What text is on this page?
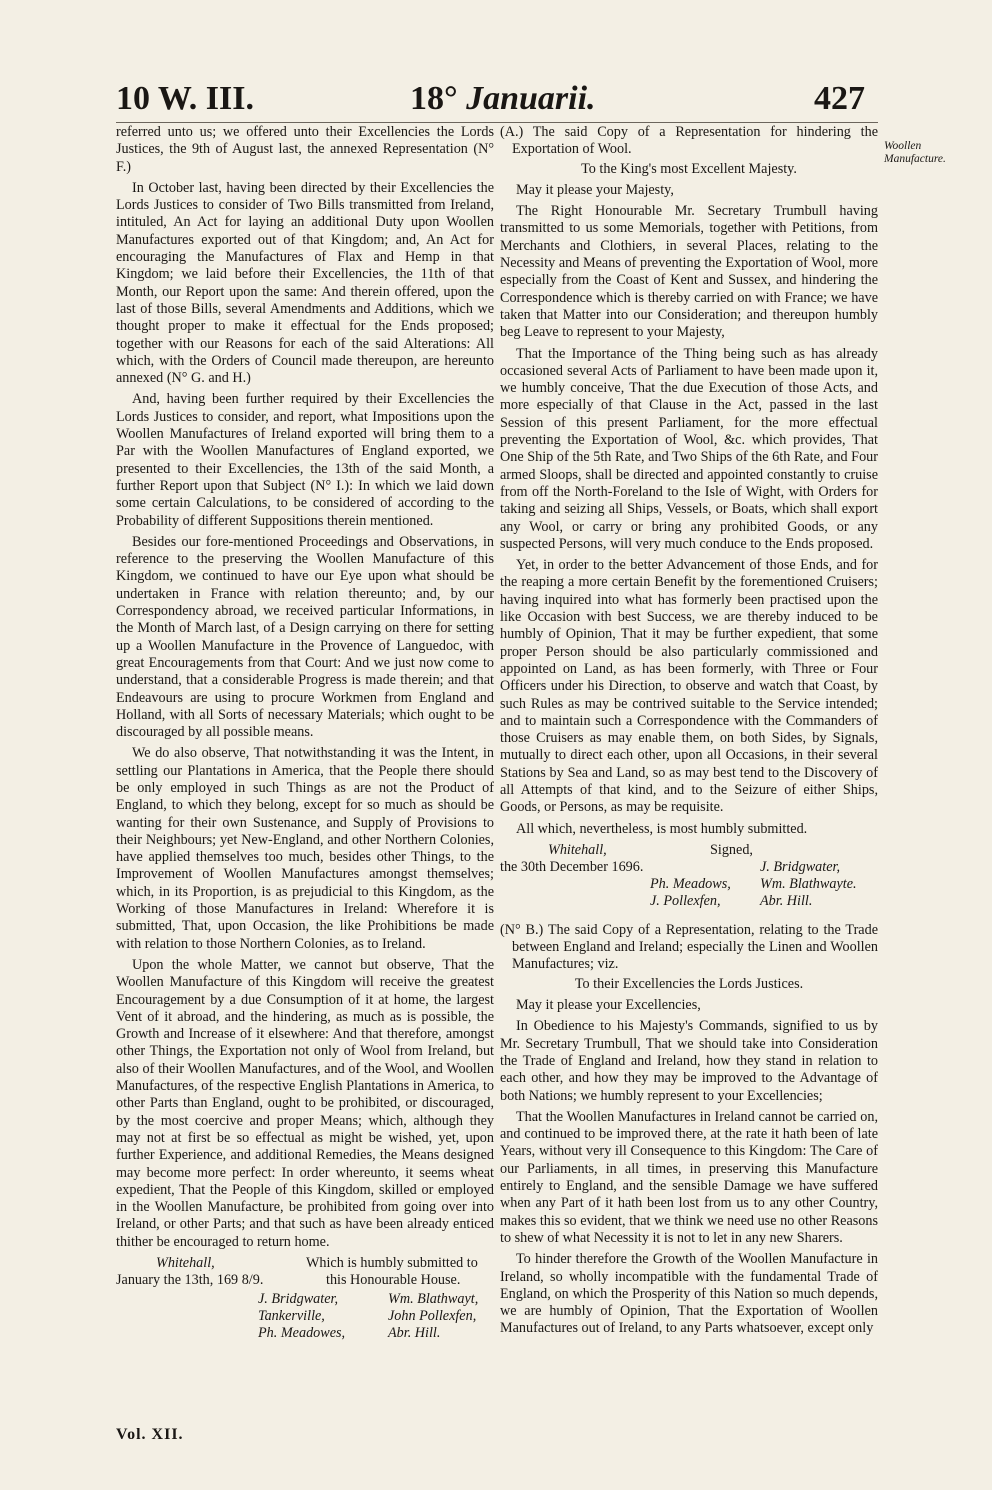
10 W. III.	18° Januarii.	427
Woollen Manufacture.

referred unto us; we offered unto their Excellencies the Lords Justices, the 9th of August last, the annexed Representation (N° F.)

In October last, having been directed by their Excellencies the Lords Justices to consider of Two Bills transmitted from Ireland, intituled, An Act for laying an additional Duty upon Woollen Manufactures exported out of that Kingdom; and, An Act for encouraging the Manufactures of Flax and Hemp in that Kingdom; we laid before their Excellencies, the 11th of that Month, our Report upon the same: And therein offered, upon the last of those Bills, several Amendments and Additions, which we thought proper to make it effectual for the Ends proposed; together with our Reasons for each of the said Alterations: All which, with the Orders of Council made thereupon, are hereunto annexed (N° G. and H.)

And, having been further required by their Excellencies the Lords Justices to consider, and report, what Impositions upon the Woollen Manufactures of Ireland exported will bring them to a Par with the Woollen Manufactures of England exported, we presented to their Excellencies, the 13th of the said Month, a further Report upon that Subject (N° I.): In which we laid down some certain Calculations, to be considered of according to the Probability of different Suppositions therein mentioned.

Besides our fore-mentioned Proceedings and Observations, in reference to the preserving the Woollen Manufacture of this Kingdom, we continued to have our Eye upon what should be undertaken in France with relation thereunto; and, by our Correspondency abroad, we received particular Informations, in the Month of March last, of a Design carrying on there for setting up a Woollen Manufacture in the Provence of Languedoc, with great Encouragements from that Court: And we just now come to understand, that a considerable Progress is made therein; and that Endeavours are using to procure Workmen from England and Holland, with all Sorts of necessary Materials; which ought to be discouraged by all possible means.

We do also observe, That notwithstanding it was the Intent, in settling our Plantations in America, that the People there should be only employed in such Things as are not the Product of England, to which they belong, except for so much as should be wanting for their own Sustenance, and Supply of Provisions to their Neighbours; yet New-England, and other Northern Colonies, have applied themselves too much, besides other Things, to the Improvement of Woollen Manufactures amongst themselves; which, in its Proportion, is as prejudicial to this Kingdom, as the Working of those Manufactures in Ireland: Wherefore it is submitted, That, upon Occasion, the like Prohibitions be made with relation to those Northern Colonies, as to Ireland.

Upon the whole Matter, we cannot but observe, That the Woollen Manufacture of this Kingdom will receive the greatest Encouragement by a due Consumption of it at home, the largest Vent of it abroad, and the hindering, as much as is possible, the Growth and Increase of it elsewhere: And that therefore, amongst other Things, the Exportation not only of Wool from Ireland, but also of their Woollen Manufactures, and of the Wool, and Woollen Manufactures, of the respective English Plantations in America, to other Parts than England, ought to be prohibited, or discouraged, by the most coercive and proper Means; which, although they may not at first be so effectual as might be wished, yet, upon further Experience, and additional Remedies, the Means designed may become more perfect: In order whereunto, it seems wheat expedient, That the People of this Kingdom, skilled or employed in the Woollen Manufacture, be prohibited from going over into Ireland, or other Parts; and that such as have been already enticed thither be encouraged to return home.

Whitehall,
January the 13th, 169 8/9.
Which is humbly submitted to
this Honourable House.
J. Bridgwater,	Wm. Blathwayt,
Tankerville,	John Pollexfen,
Ph. Meadowes,	Abr. Hill.

(A.) The said Copy of a Representation for hindering the Exportation of Wool.

To the King's most Excellent Majesty.

May it please your Majesty,

The Right Honourable Mr. Secretary Trumbull having transmitted to us some Memorials, together with Petitions, from Merchants and Clothiers, in several Places, relating to the Necessity and Means of preventing the Exportation of Wool, more especially from the Coast of Kent and Sussex, and hindering the Correspondence which is thereby carried on with France; we have taken that Matter into our Consideration; and thereupon humbly beg Leave to represent to your Majesty,

That the Importance of the Thing being such as has already occasioned several Acts of Parliament to have been made upon it, we humbly conceive, That the due Execution of those Acts, and more especially of that Clause in the Act, passed in the last Session of this present Parliament, for the more effectual preventing the Exportation of Wool, &c. which provides, That One Ship of the 5th Rate, and Two Ships of the 6th Rate, and Four armed Sloops, shall be directed and appointed constantly to cruise from off the North-Foreland to the Isle of Wight, with Orders for taking and seizing all Ships, Vessels, or Boats, which shall export any Wool, or carry or bring any prohibited Goods, or any suspected Persons, will very much conduce to the Ends proposed.

Yet, in order to the better Advancement of those Ends, and for the reaping a more certain Benefit by the forementioned Cruisers; having inquired into what has formerly been practised upon the like Occasion with best Success, we are thereby induced to be humbly of Opinion, That it may be further expedient, that some proper Person should be also particularly commissioned and appointed on Land, as has been formerly, with Three or Four Officers under his Direction, to observe and watch that Coast, by such Rules as may be contrived suitable to the Service intended; and to maintain such a Correspondence with the Commanders of those Cruisers as may enable them, on both Sides, by Signals, mutually to direct each other, upon all Occasions, in their several Stations by Sea and Land, so as may best tend to the Discovery of all Attempts of that kind, and to the Seizure of either Ships, Goods, or Persons, as may be requisite.

All which, nevertheless, is most humbly submitted.

Whitehall,	Signed,
the 30th December 1696.	J. Bridgwater,
Ph. Meadows, Wm. Blathwayte.
J. Pollexfen,	Abr. Hill.

(N° B.) The said Copy of a Representation, relating to the Trade between England and Ireland; especially the Linen and Woollen Manufactures; viz.

To their Excellencies the Lords Justices.

May it please your Excellencies,

In Obedience to his Majesty's Commands, signified to us by Mr. Secretary Trumbull, That we should take into Consideration the Trade of England and Ireland, how they stand in relation to each other, and how they may be improved to the Advantage of both Nations; we humbly represent to your Excellencies;

That the Woollen Manufactures in Ireland cannot be carried on, and continued to be improved there, at the rate it hath been of late Years, without very ill Consequence to this Kingdom: The Care of our Parliaments, in all times, in preserving this Manufacture entirely to England, and the sensible Damage we have suffered when any Part of it hath been lost from us to any other Country, makes this so evident, that we think we need use no other Reasons to shew of what Necessity it is not to let in any new Sharers.

To hinder therefore the Growth of the Woollen Manufacture in Ireland, so wholly incompatible with the fundamental Trade of England, on which the Prosperity of this Nation so much depends, we are humbly of Opinion, That the Exportation of Woollen Manufactures out of Ireland, to any Parts whatsoever, except only

Vol. XII.
